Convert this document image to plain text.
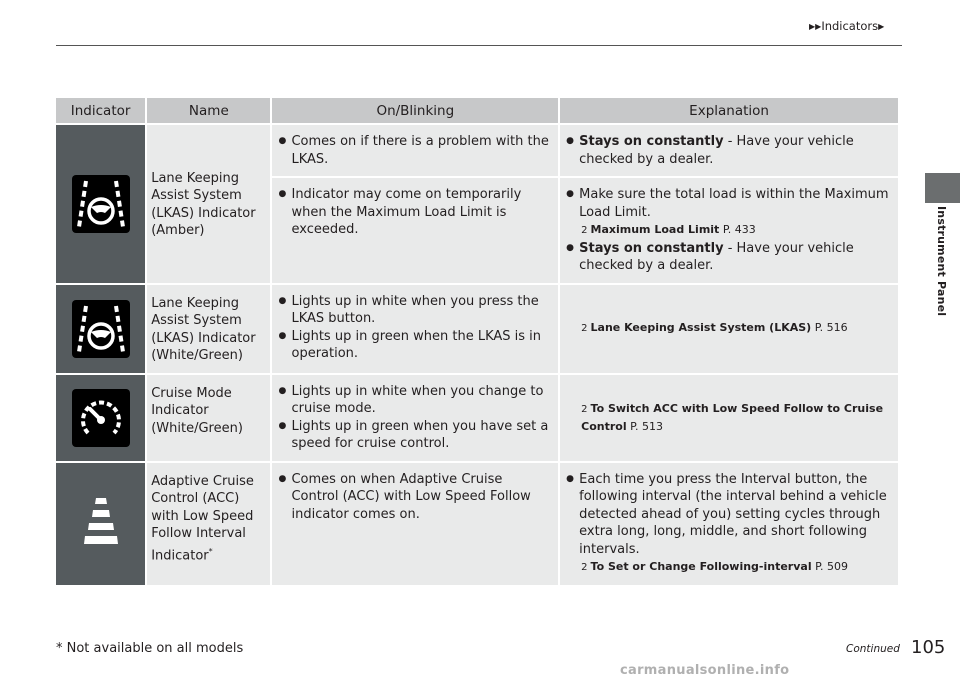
▶▶Indicators▶
Instrument Panel
Indicator	Name	On/Blinking	Explanation

	Lane Keeping Assist System (LKAS) Indicator (Amber)	● Comes on if there is a problem with the LKAS.	● Stays on constantly - Have your vehicle checked by a dealer.

		● Indicator may come on temporarily when the Maximum Load Limit is exceeded.	● Make sure the total load is within the Maximum Load Limit.
2 Maximum Load Limit P. 433
● Stays on constantly - Have your vehicle checked by a dealer.

	Lane Keeping Assist System (LKAS) Indicator (White/Green)	● Lights up in white when you press the LKAS button.
● Lights up in green when the LKAS is in operation.	2 Lane Keeping Assist System (LKAS) P. 516

	Cruise Mode Indicator (White/Green)	● Lights up in white when you change to cruise mode.
● Lights up in green when you have set a speed for cruise control.	2 To Switch ACC with Low Speed Follow to Cruise Control P. 513

	Adaptive Cruise Control (ACC) with Low Speed Follow Interval Indicator*	● Comes on when Adaptive Cruise Control (ACC) with Low Speed Follow indicator comes on.	● Each time you press the Interval button, the following interval (the interval behind a vehicle detected ahead of you) setting cycles through extra long, long, middle, and short following intervals.
2 To Set or Change Following-interval P. 509
* Not available on all models	Continued 105
carmanualsonline.info
